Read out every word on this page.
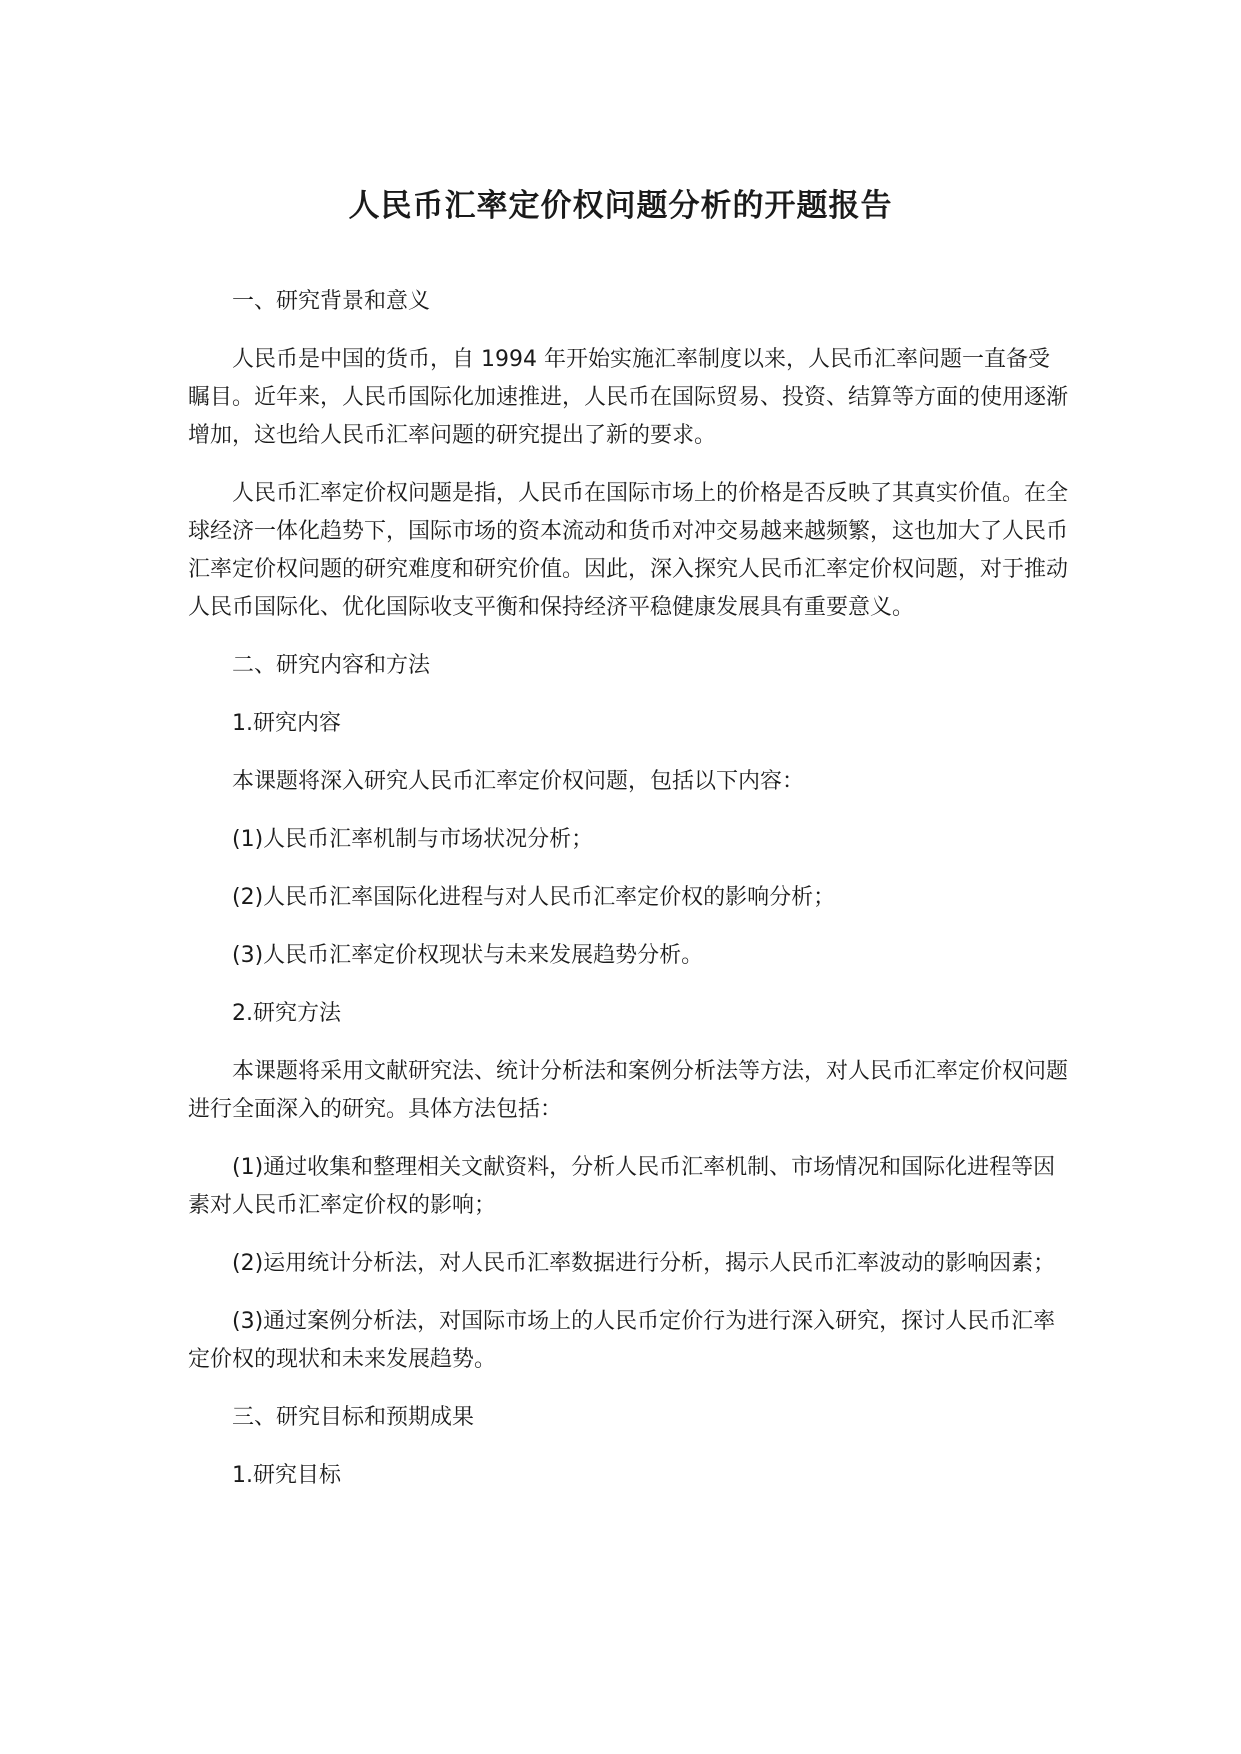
人民币汇率定价权问题分析的开题报告

一、研究背景和意义

人民币是中国的货币，自 1994 年开始实施汇率制度以来，人民币汇率问题一直备受瞩目。近年来，人民币国际化加速推进，人民币在国际贸易、投资、结算等方面的使用逐渐增加，这也给人民币汇率问题的研究提出了新的要求。

人民币汇率定价权问题是指，人民币在国际市场上的价格是否反映了其真实价值。在全球经济一体化趋势下，国际市场的资本流动和货币对冲交易越来越频繁，这也加大了人民币汇率定价权问题的研究难度和研究价值。因此，深入探究人民币汇率定价权问题，对于推动人民币国际化、优化国际收支平衡和保持经济平稳健康发展具有重要意义。

二、研究内容和方法

1.研究内容

本课题将深入研究人民币汇率定价权问题，包括以下内容：

(1)人民币汇率机制与市场状况分析；

(2)人民币汇率国际化进程与对人民币汇率定价权的影响分析；

(3)人民币汇率定价权现状与未来发展趋势分析。

2.研究方法

本课题将采用文献研究法、统计分析法和案例分析法等方法，对人民币汇率定价权问题进行全面深入的研究。具体方法包括：

(1)通过收集和整理相关文献资料，分析人民币汇率机制、市场情况和国际化进程等因素对人民币汇率定价权的影响；

(2)运用统计分析法，对人民币汇率数据进行分析，揭示人民币汇率波动的影响因素；

(3)通过案例分析法，对国际市场上的人民币定价行为进行深入研究，探讨人民币汇率定价权的现状和未来发展趋势。

三、研究目标和预期成果

1.研究目标
